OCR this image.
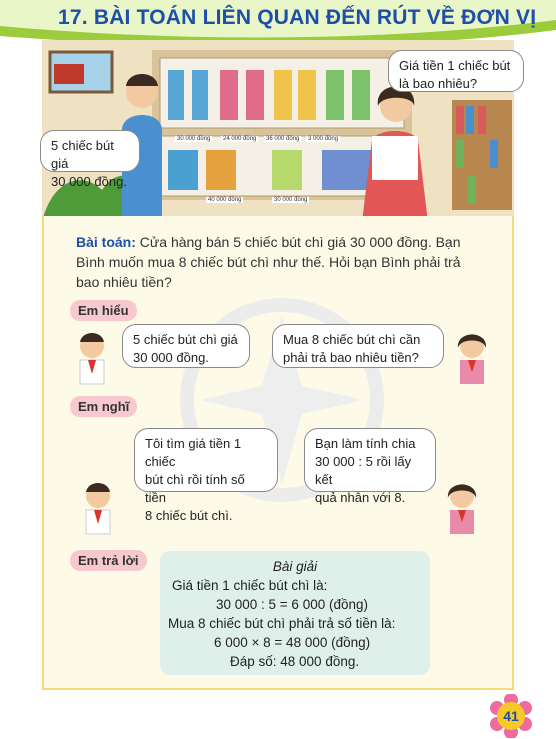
17. BÀI TOÁN LIÊN QUAN ĐẾN RÚT VỀ ĐƠN VỊ
30 000 đồng	24 000 đồng	36 000 đồng	3 000 đồng
40 000 đồng	30 000 đồng
Giá tiền 1 chiếc bút
là bao nhiêu?
5 chiếc bút giá
30 000 đồng.
Bài toán: Cửa hàng bán 5 chiếc bút chì giá 30 000 đồng. Bạn
Bình muốn mua 8 chiếc bút chì như thế. Hỏi bạn Bình phải trả
bao nhiêu tiền?
Em hiểu
5 chiếc bút chì giá
30 000 đồng.
Mua 8 chiếc bút chì cần
phải trả bao nhiêu tiền?
Em nghĩ
Tôi tìm giá tiền 1 chiếc
bút chì rồi tính số tiền
8 chiếc bút chì.
Bạn làm tính chia
30 000 : 5 rồi lấy kết
quả nhân với 8.
Em trả lời	Bài giải
Giá tiền 1 chiếc bút chì là:
30 000 : 5 = 6 000 (đồng)
Mua 8 chiếc bút chì phải trả số tiền là:
6 000 × 8 = 48 000 (đồng)
Đáp số: 48 000 đồng.
41
